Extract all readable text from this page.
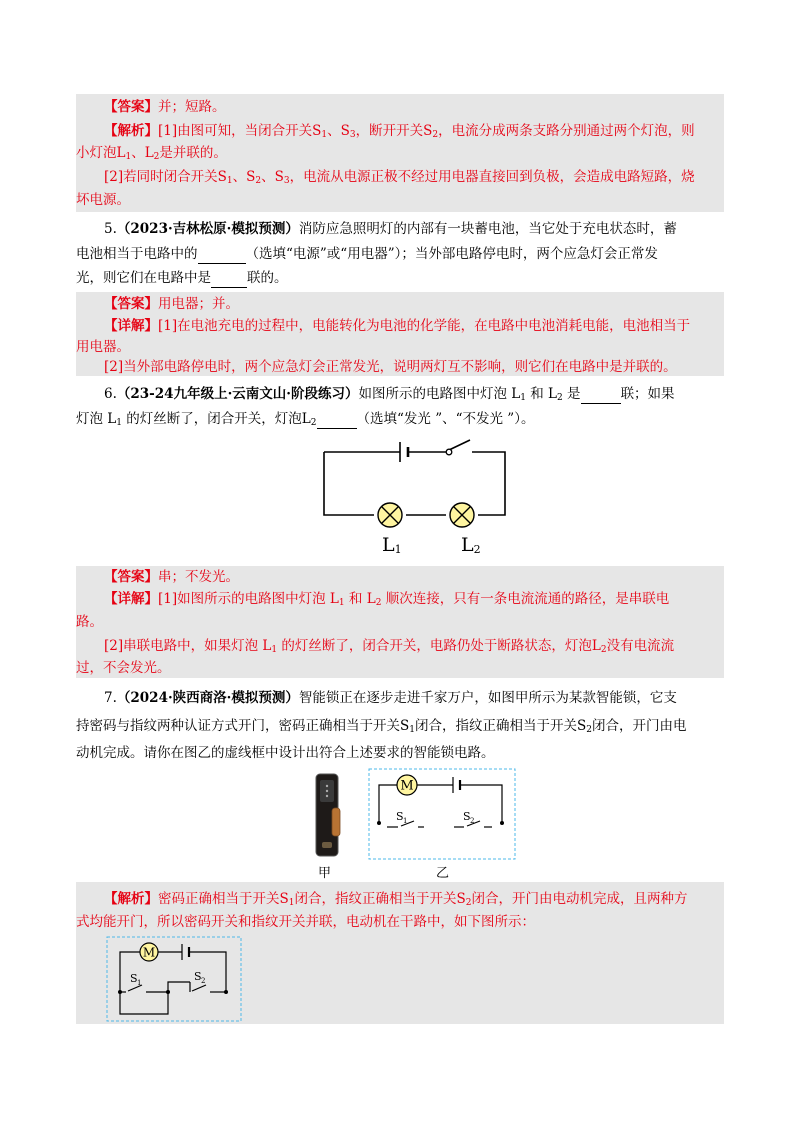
【答案】并；短路。
【解析】[1]由图可知，当闭合开关$S_1$、$S_3$，断开开关$S_2$，电流分成两条支路分别通过两个灯泡，则
小灯泡$L_1$、$L_2$是并联的。
[2]若同时闭合开关$S_1$、$S_2$、$S_3$，电流从电源正极不经过用电器直接回到负极，会造成电路短路，烧
坏电源。
5.（2023·吉林松原·模拟预测）消防应急照明灯的内部有一块蓄电池，当它处于充电状态时，蓄
电池相当于电路中的	（选填“电源”或“用电器”）；当外部电路停电时，两个应急灯会正常发
光，则它们在电路中是	联的。
【答案】用电器；并。
【详解】[1]在电池充电的过程中，电能转化为电池的化学能，在电路中电池消耗电能，电池相当于
用电器。
[2]当外部电路停电时，两个应急灯会正常发光，说明两灯互不影响，则它们在电路中是并联的。
6.（23-24九年级上·云南文山·阶段练习）如图所示的电路图中灯泡 $L_1$ 和 $L_2$ 是	联；如果
灯泡 $L_1$ 的灯丝断了，闭合开关，灯泡$L_2$	（选填“发光 ”、“不发光 ”）。
$L_1$	$L_2$
【答案】串；不发光。
【详解】[1]如图所示的电路图中灯泡 $L_1$ 和 $L_2$ 顺次连接，只有一条电流流通的路径，是串联电
路。
[2]串联电路中，如果灯泡 $L_1$ 的灯丝断了，闭合开关，电路仍处于断路状态，灯泡$L_2$没有电流流
过，不会发光。
7.（2024·陕西商洛·模拟预测）智能锁正在逐步走进千家万户，如图甲所示为某款智能锁，它支
持密码与指纹两种认证方式开门，密码正确相当于开关$S_1$闭合，指纹正确相当于开关$S_2$闭合，开门由电
动机完成。请你在图乙的虚线框中设计出符合上述要求的智能锁电路。
甲
M
S 1	S 2
乙
【解析】密码正确相当于开关$S_1$闭合，指纹正确相当于开关$S_2$闭合，开门由电动机完成，且两种方
式均能开门，所以密码开关和指纹开关并联，电动机在干路中，如下图所示：
M
S 1	S 2
